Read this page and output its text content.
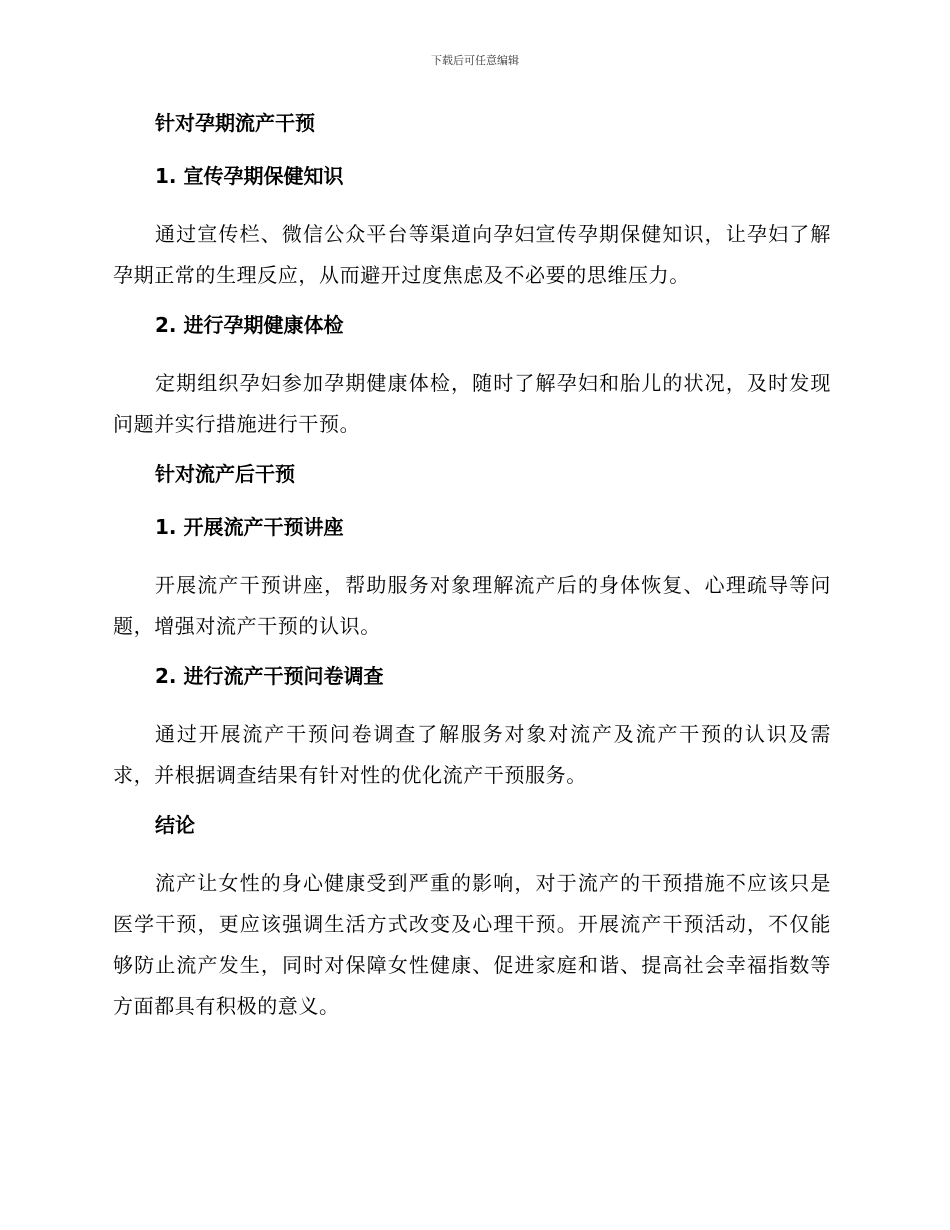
下载后可任意编辑
针对孕期流产干预
1. 宣传孕期保健知识
通过宣传栏、微信公众平台等渠道向孕妇宣传孕期保健知识，让孕妇了解孕期正常的生理反应，从而避开过度焦虑及不必要的思维压力。
2. 进行孕期健康体检
定期组织孕妇参加孕期健康体检，随时了解孕妇和胎儿的状况，及时发现问题并实行措施进行干预。
针对流产后干预
1. 开展流产干预讲座
开展流产干预讲座，帮助服务对象理解流产后的身体恢复、心理疏导等问题，增强对流产干预的认识。
2. 进行流产干预问卷调查
通过开展流产干预问卷调查了解服务对象对流产及流产干预的认识及需求，并根据调查结果有针对性的优化流产干预服务。
结论
流产让女性的身心健康受到严重的影响，对于流产的干预措施不应该只是医学干预，更应该强调生活方式改变及心理干预。开展流产干预活动，不仅能够防止流产发生，同时对保障女性健康、促进家庭和谐、提高社会幸福指数等方面都具有积极的意义。
